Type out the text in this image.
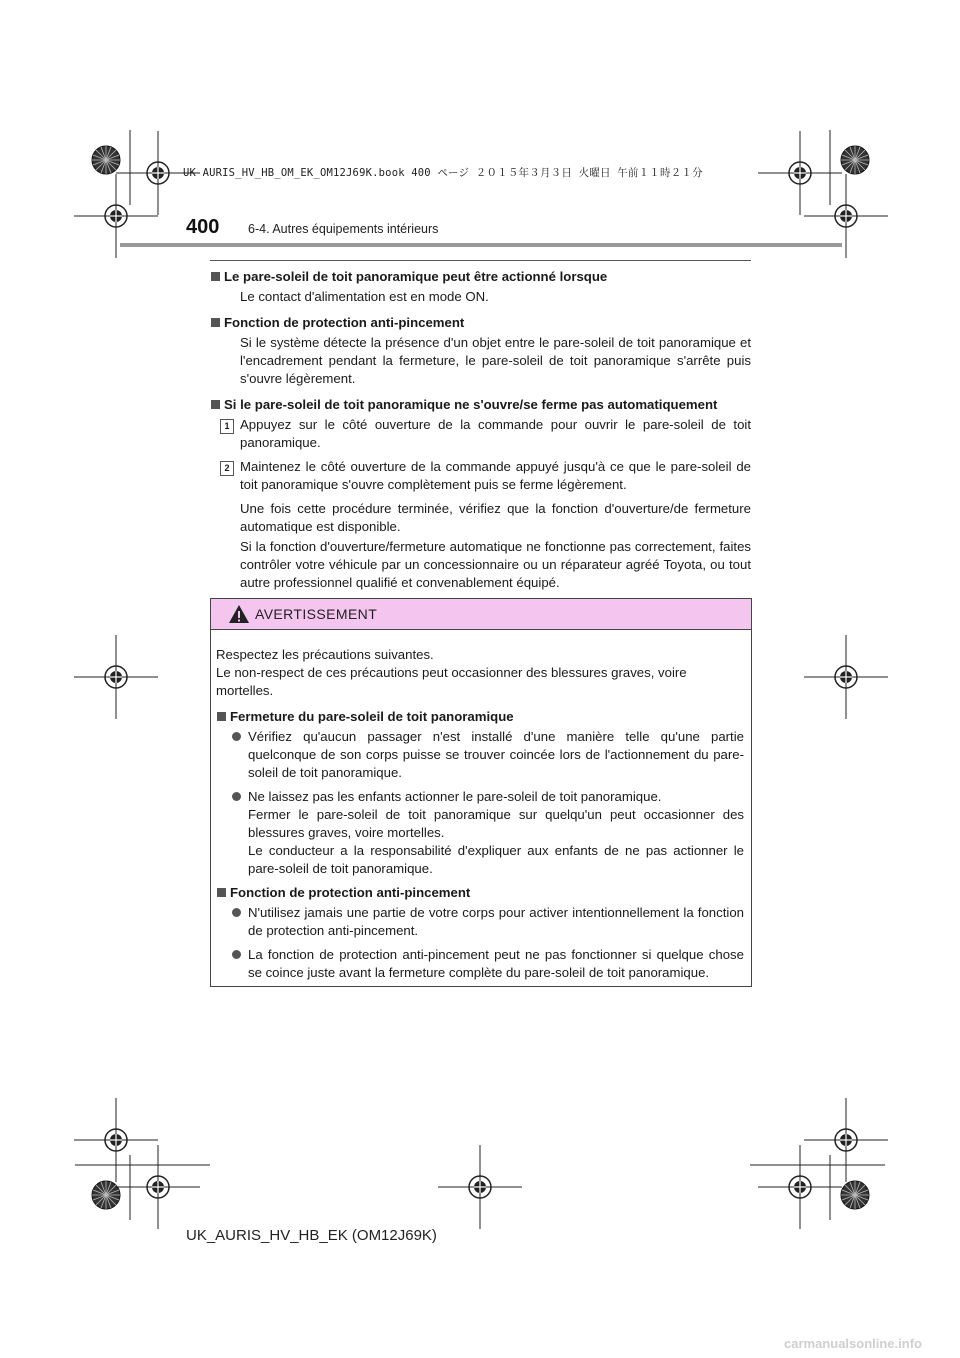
UK AURIS_HV_HB_OM_EK_OM12J69K.book 400 ページ ２０１５年３月３日 火曜日 午前１１時２１分
400 6-4. Autres équipements intérieurs

Le pare-soleil de toit panoramique peut être actionné lorsque

Le contact d'alimentation est en mode ON.

Fonction de protection anti-pincement

Si le système détecte la présence d'un objet entre le pare-soleil de toit panoramique et l'encadrement pendant la fermeture, le pare-soleil de toit panoramique s'arrête puis s'ouvre légèrement.

Si le pare-soleil de toit panoramique ne s'ouvre/se ferme pas automatiquement

1 Appuyez sur le côté ouverture de la commande pour ouvrir le pare-soleil de toit panoramique.
2 Maintenez le côté ouverture de la commande appuyé jusqu'à ce que le pare-soleil de toit panoramique s'ouvre complètement puis se ferme légèrement.

Une fois cette procédure terminée, vérifiez que la fonction d'ouverture/de fermeture automatique est disponible.

Si la fonction d'ouverture/fermeture automatique ne fonctionne pas correctement, faites contrôler votre véhicule par un concessionnaire ou un réparateur agréé Toyota, ou tout autre professionnel qualifié et convenablement équipé.

AVERTISSEMENT

Respectez les précautions suivantes.

Le non-respect de ces précautions peut occasionner des blessures graves, voire mortelles.

Fermeture du pare-soleil de toit panoramique

Vérifiez qu'aucun passager n'est installé d'une manière telle qu'une partie quelconque de son corps puisse se trouver coincée lors de l'actionnement du pare-soleil de toit panoramique.

Ne laissez pas les enfants actionner le pare-soleil de toit panoramique.
Fermer le pare-soleil de toit panoramique sur quelqu'un peut occasionner des blessures graves, voire mortelles.
Le conducteur a la responsabilité d'expliquer aux enfants de ne pas actionner le pare-soleil de toit panoramique.

Fonction de protection anti-pincement

N'utilisez jamais une partie de votre corps pour activer intentionnellement la fonction de protection anti-pincement.

La fonction de protection anti-pincement peut ne pas fonctionner si quelque chose se coince juste avant la fermeture complète du pare-soleil de toit panoramique.

UK_AURIS_HV_HB_EK (OM12J69K)
carmanualsonline.info
